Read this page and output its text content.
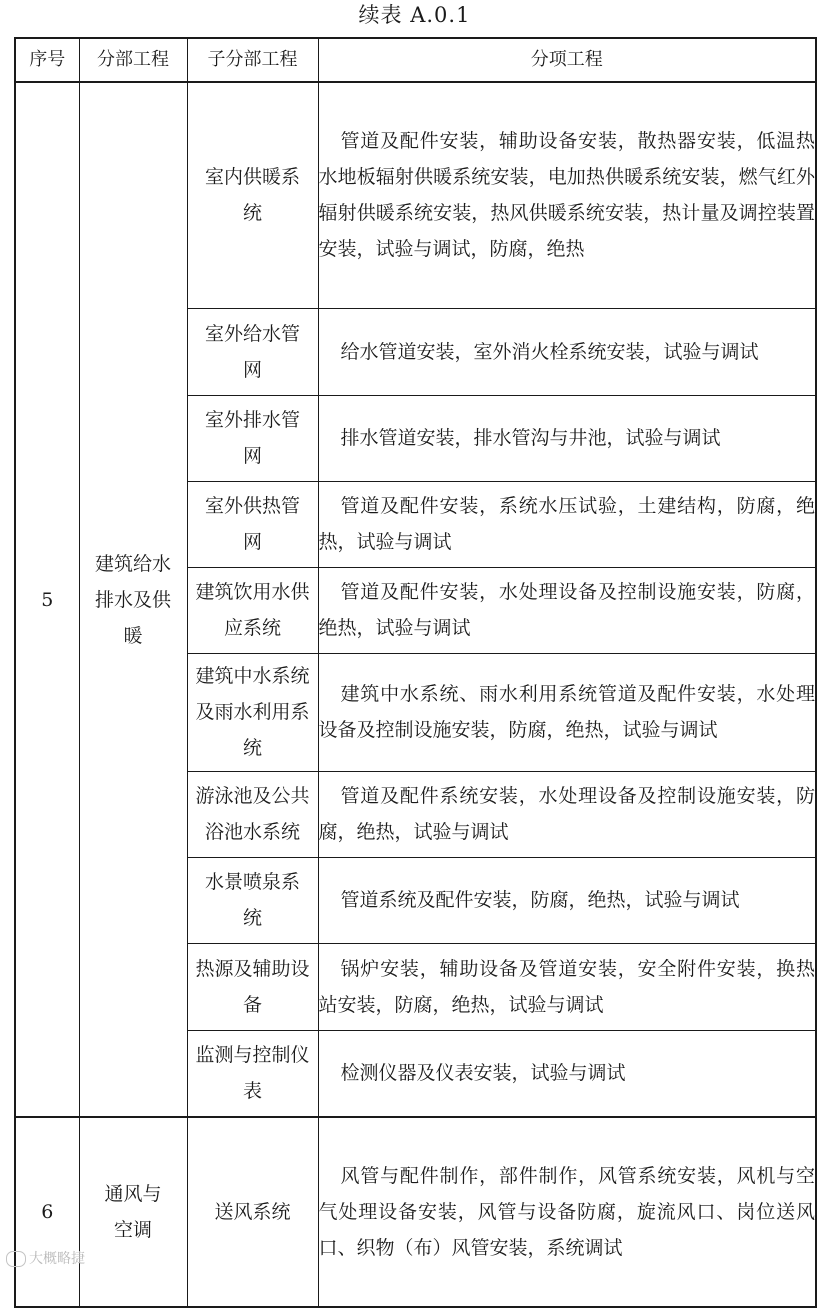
续表 A.0.1
序号	分部工程	子分部工程	分项工程
5	建筑给水排水及供暖	室内供暖系统	管道及配件安装，辅助设备安装，散热器安装，低温热水地板辐射供暖系统安装，电加热供暖系统安装，燃气红外辐射供暖系统安装，热风供暖系统安装，热计量及调控装置安装，试验与调试，防腐，绝热

		室外给水管网	给水管道安装，室外消火栓系统安装，试验与调试

		室外排水管网	排水管道安装，排水管沟与井池，试验与调试

		室外供热管网	管道及配件安装，系统水压试验，土建结构，防腐，绝热，试验与调试

		建筑饮用水供应系统	管道及配件安装，水处理设备及控制设施安装，防腐，绝热，试验与调试

		建筑中水系统及雨水利用系统	建筑中水系统、雨水利用系统管道及配件安装，水处理设备及控制设施安装，防腐，绝热，试验与调试

		游泳池及公共浴池水系统	管道及配件系统安装，水处理设备及控制设施安装，防腐，绝热，试验与调试

		水景喷泉系统	管道系统及配件安装，防腐，绝热，试验与调试

		热源及辅助设备	锅炉安装，辅助设备及管道安装，安全附件安装，换热站安装，防腐，绝热，试验与调试

		监测与控制仪表	检测仪器及仪表安装，试验与调试
6	通风与空调	送风系统	风管与配件制作，部件制作，风管系统安装，风机与空气处理设备安装，风管与设备防腐，旋流风口、岗位送风口、织物（布）风管安装，系统调试
大概略捷
